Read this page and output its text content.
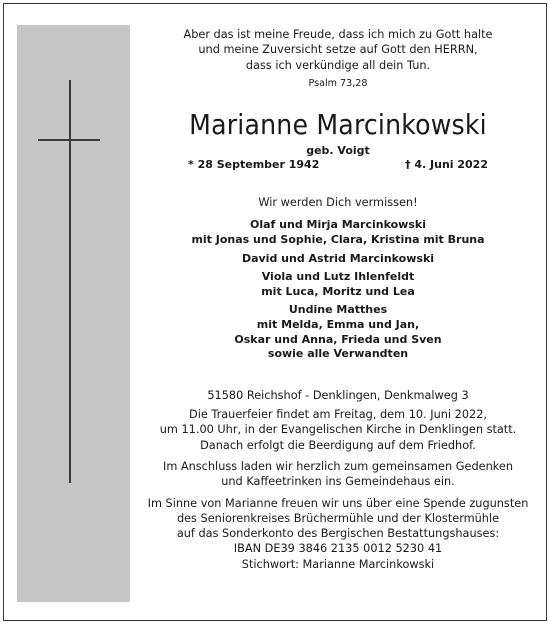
Aber das ist meine Freude, dass ich mich zu Gott halte

und meine Zuversicht setze auf Gott den HERRN,

dass ich verkündige all dein Tun.

Psalm 73,28

Marianne Marcinkowski

geb. Voigt

* 28 September 1942	† 4. Juni 2022

Wir werden Dich vermissen!

Olaf und Mirja Marcinkowski

mit Jonas und Sophie, Clara, Kristina mit Bruna

David und Astrid Marcinkowski

Viola und Lutz Ihlenfeldt

mit Luca, Moritz und Lea

Undine Matthes

mit Melda, Emma und Jan,

Oskar und Anna, Frieda und Sven

sowie alle Verwandten

51580 Reichshof - Denklingen, Denkmalweg 3

Die Trauerfeier findet am Freitag, dem 10. Juni 2022,

um 11.00 Uhr, in der Evangelischen Kirche in Denklingen statt.

Danach erfolgt die Beerdigung auf dem Friedhof.

Im Anschluss laden wir herzlich zum gemeinsamen Gedenken

und Kaffeetrinken ins Gemeindehaus ein.

Im Sinne von Marianne freuen wir uns über eine Spende zugunsten

des Seniorenkreises Brüchermühle und der Klostermühle

auf das Sonderkonto des Bergischen Bestattungshauses:

IBAN DE39 3846 2135 0012 5230 41

Stichwort: Marianne Marcinkowski
